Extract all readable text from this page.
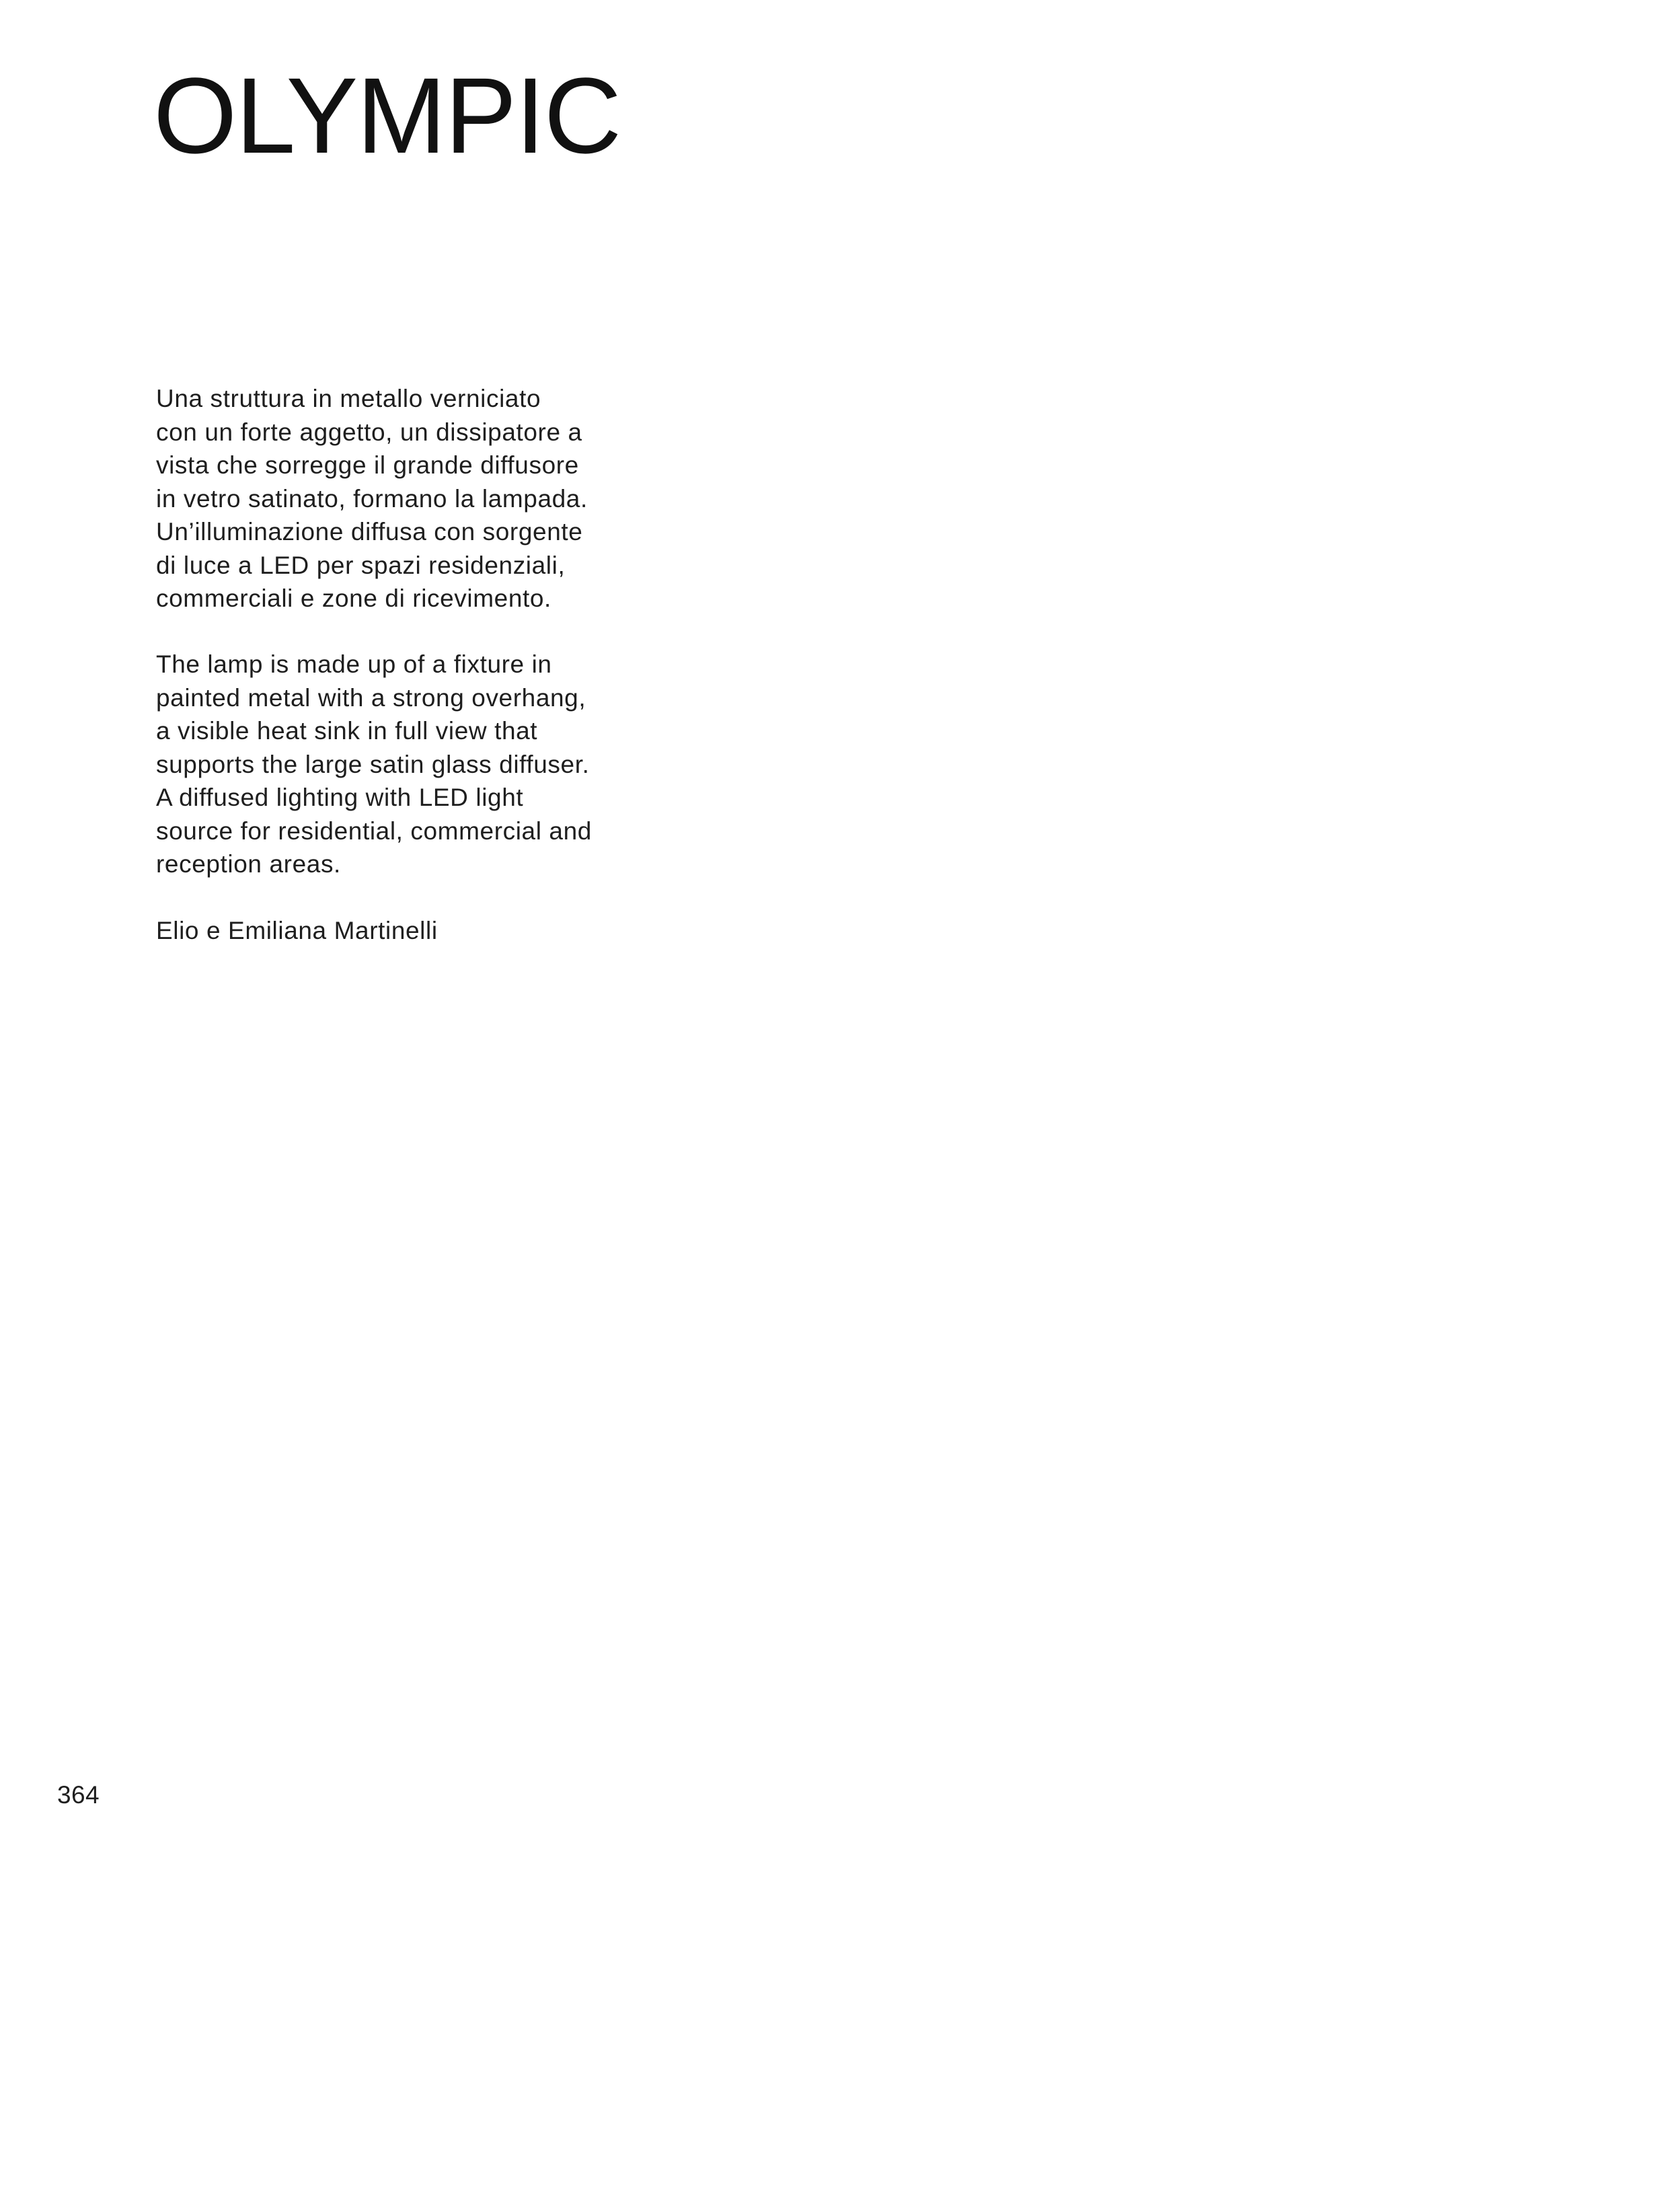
OLYMPIC
Una struttura in metallo verniciato
con un forte aggetto, un dissipatore a
vista che sorregge il grande diffusore
in vetro satinato, formano la lampada.
Un’illuminazione diffusa con sorgente
di luce a LED per spazi residenziali,
commerciali e zone di ricevimento.
The lamp is made up of a fixture in
painted metal with a strong overhang,
a visible heat sink in full view that
supports the large satin glass diffuser.
A diffused lighting with LED light
source for residential, commercial and
reception areas.
Elio e Emiliana Martinelli
364
